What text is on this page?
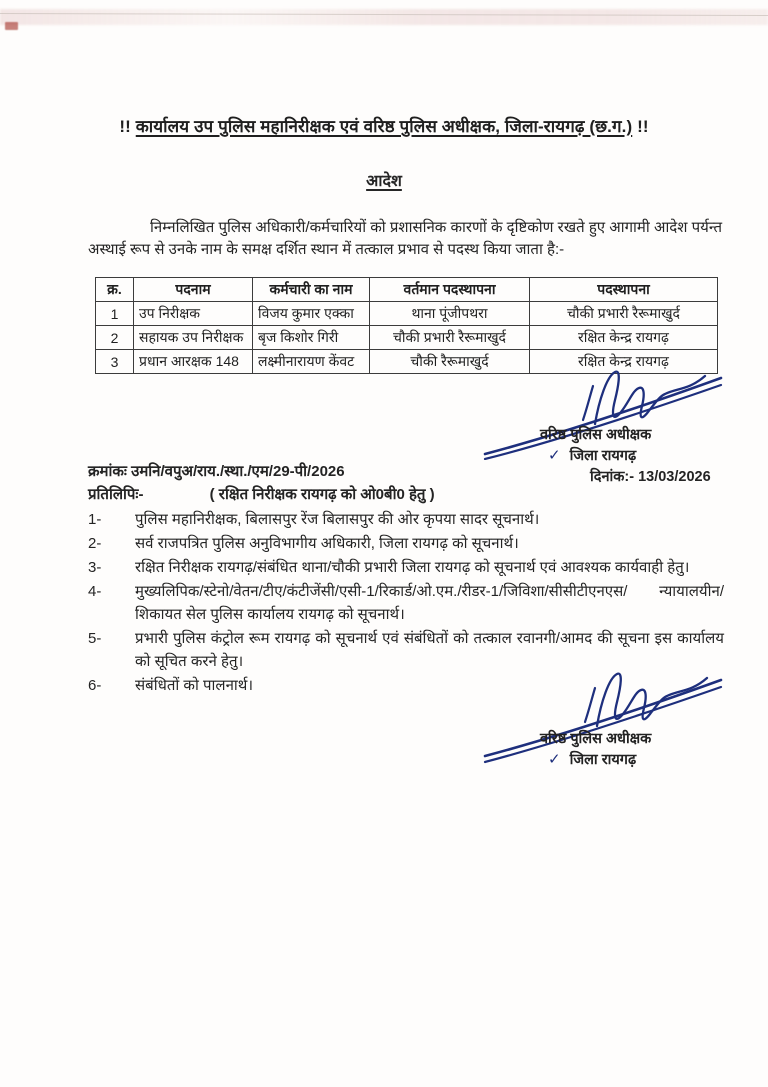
!! कार्यालय उप पुलिस महानिरीक्षक एवं वरिष्ठ पुलिस अधीक्षक, जिला-रायगढ़ (छ.ग.) !!
आदेश
निम्नलिखित पुलिस अधिकारी/कर्मचारियों को प्रशासनिक कारणों के दृष्टिकोण रखते हुए आगामी आदेश पर्यन्त अस्थाई रूप से उनके नाम के समक्ष दर्शित स्थान में तत्काल प्रभाव से पदस्थ किया जाता है:-
क्र.	पदनाम	कर्मचारी का नाम	वर्तमान पदस्थापना	पदस्थापना
1	उप निरीक्षक	विजय कुमार एक्का	थाना पूंजीपथरा	चौकी प्रभारी रैरूमाखुर्द
2	सहायक उप निरीक्षक	बृज किशोर गिरी	चौकी प्रभारी रैरूमाखुर्द	रक्षित केन्द्र रायगढ़
3	प्रधान आरक्षक 148	लक्ष्मीनारायण केंवट	चौकी रैरूमाखुर्द	रक्षित केन्द्र रायगढ़
वरिष्ठ पुलिस अधीक्षक
✓ जिला रायगढ़
क्रमांकः उमनि/वपुअ/राय./स्था./एम/29-पी/2026	दिनांक:- 13/03/2026
प्रतिलिपिः-	( रक्षित निरीक्षक रायगढ़ को ओ0बी0 हेतु )
1-	पुलिस महानिरीक्षक, बिलासपुर रेंज बिलासपुर की ओर कृपया सादर सूचनार्थ।
2-	सर्व राजपत्रित पुलिस अनुविभागीय अधिकारी, जिला रायगढ़ को सूचनार्थ।
3-	रक्षित निरीक्षक रायगढ़/संबंधित थाना/चौकी प्रभारी जिला रायगढ़ को सूचनार्थ एवं आवश्यक कार्यवाही हेतु।
4-	मुख्यलिपिक/स्टेनो/वेतन/टीए/कंटीजेंसी/एसी-1/रिकार्ड/ओ.एम./रीडर-1/जिविशा/सीसीटीएनएस/ न्यायालयीन/ शिकायत सेल पुलिस कार्यालय रायगढ़ को सूचनार्थ।
5-	प्रभारी पुलिस कंट्रोल रूम रायगढ़ को सूचनार्थ एवं संबंधितों को तत्काल रवानगी/आमद की सूचना इस कार्यालय को सूचित करने हेतु।
6-	संबंधितों को पालनार्थ।
वरिष्ठ पुलिस अधीक्षक
✓ जिला रायगढ़
